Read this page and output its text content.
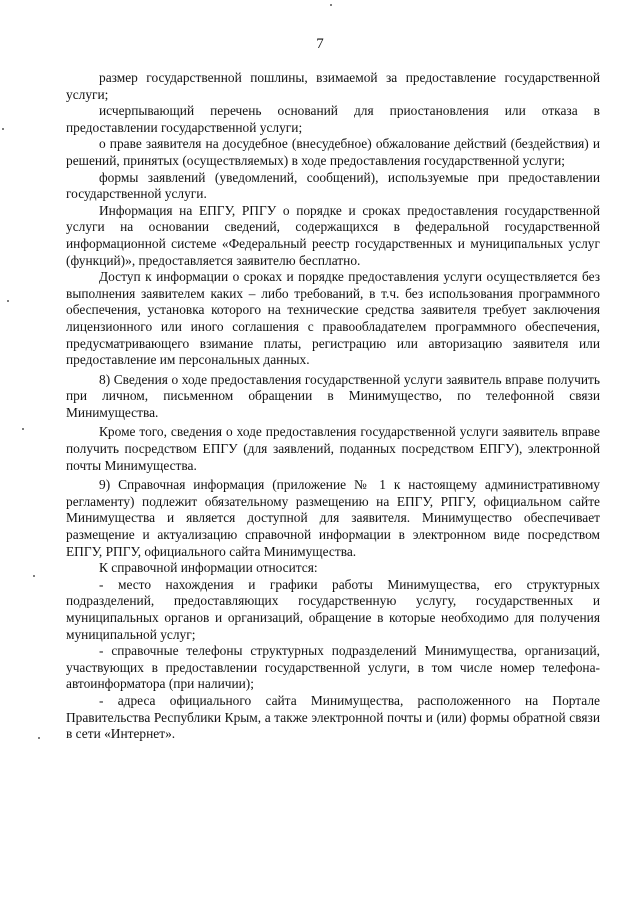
7

размер государственной пошлины, взимаемой за предоставление государственной услуги;

исчерпывающий перечень оснований для приостановления или отказа в предоставлении государственной услуги;

о праве заявителя на досудебное (внесудебное) обжалование действий (бездействия) и решений, принятых (осуществляемых) в ходе предоставления государственной услуги;

формы заявлений (уведомлений, сообщений), используемые при предоставлении государственной услуги.

Информация на ЕПГУ, РПГУ о порядке и сроках предоставления государственной услуги на основании сведений, содержащихся в федеральной государственной информационной системе «Федеральный реестр государственных и муниципальных услуг (функций)», предоставляется заявителю бесплатно.

Доступ к информации о сроках и порядке предоставления услуги осуществляется без выполнения заявителем каких – либо требований, в т.ч. без использования программного обеспечения, установка которого на технические средства заявителя требует заключения лицензионного или иного соглашения с правообладателем программного обеспечения, предусматривающего взимание платы, регистрацию или авторизацию заявителя или предоставление им персональных данных.

8) Сведения о ходе предоставления государственной услуги заявитель вправе получить при личном, письменном обращении в Минимущество, по телефонной связи Минимущества.

Кроме того, сведения о ходе предоставления государственной услуги заявитель вправе получить посредством ЕПГУ (для заявлений, поданных посредством ЕПГУ), электронной почты Минимущества.

9) Справочная информация (приложение № 1 к настоящему административному регламенту) подлежит обязательному размещению на ЕПГУ, РПГУ, официальном сайте Минимущества и является доступной для заявителя. Минимущество обеспечивает размещение и актуализацию справочной информации в электронном виде посредством ЕПГУ, РПГУ, официального сайта Минимущества.

К справочной информации относится:

- место нахождения и графики работы Минимущества, его структурных подразделений, предоставляющих государственную услугу, государственных и муниципальных органов и организаций, обращение в которые необходимо для получения муниципальной услуг;

- справочные телефоны структурных подразделений Минимущества, организаций, участвующих в предоставлении государственной услуги, в том числе номер телефона-автоинформатора (при наличии);

- адреса официального сайта Минимущества, расположенного на Портале Правительства Республики Крым, а также электронной почты и (или) формы обратной связи в сети «Интернет».
